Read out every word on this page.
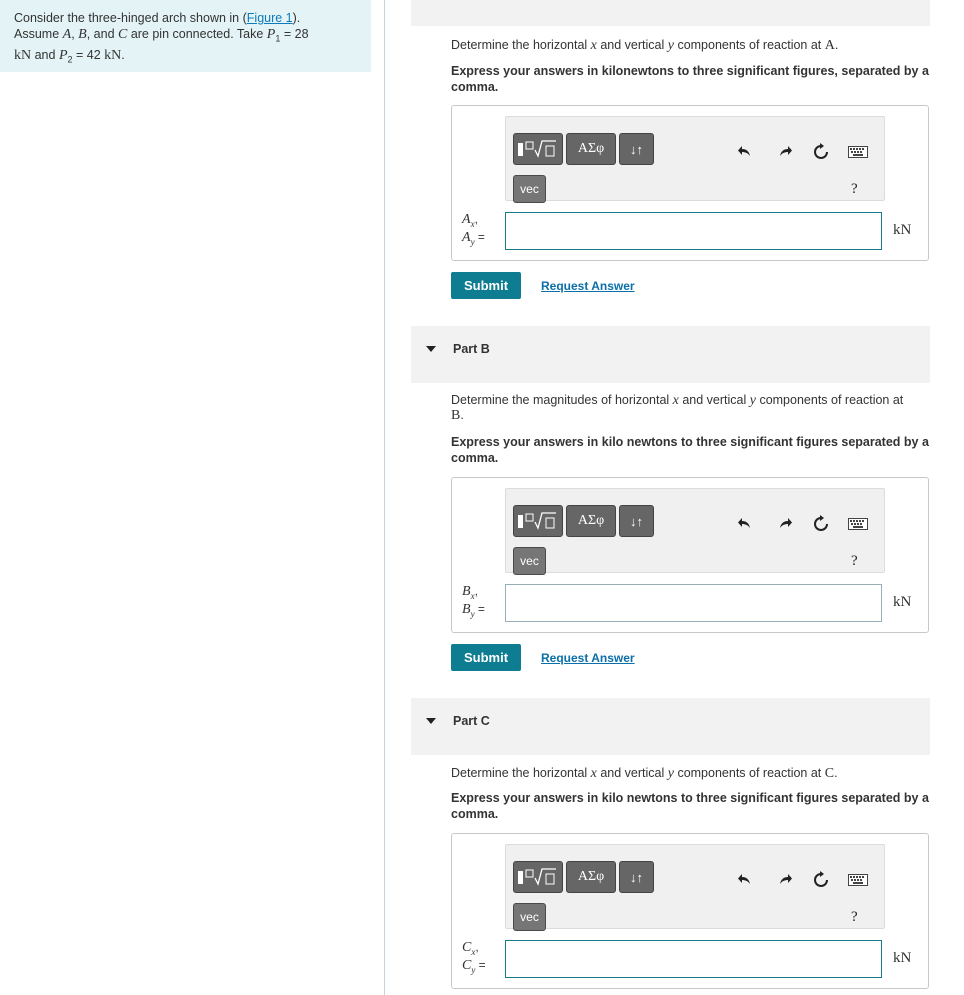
Consider the three-hinged arch shown in (Figure 1).
Assume A, B, and C are pin connected. Take $P_1 = 28$
kN and $P_2 = 42$ kN.
Determine the horizontal x and vertical y components of reaction at A.
Express your answers in kilonewtons to three significant figures, separated by a comma.
ΑΣφ	↓↑
vec	?
$A_x$,
$A_y$ =	kN
Submit	Request Answer
Part B
Determine the magnitudes of horizontal x and vertical y components of reaction at
B.
Express your answers in kilo newtons to three significant figures separated by a comma.
ΑΣφ	↓↑
vec	?
$B_x$,
$B_y$ =	kN
Submit	Request Answer
Part C
Determine the horizontal x and vertical y components of reaction at C.
Express your answers in kilo newtons to three significant figures separated by a comma.
ΑΣφ	↓↑
vec	?
$C_x$,
$C_y$ =	kN
